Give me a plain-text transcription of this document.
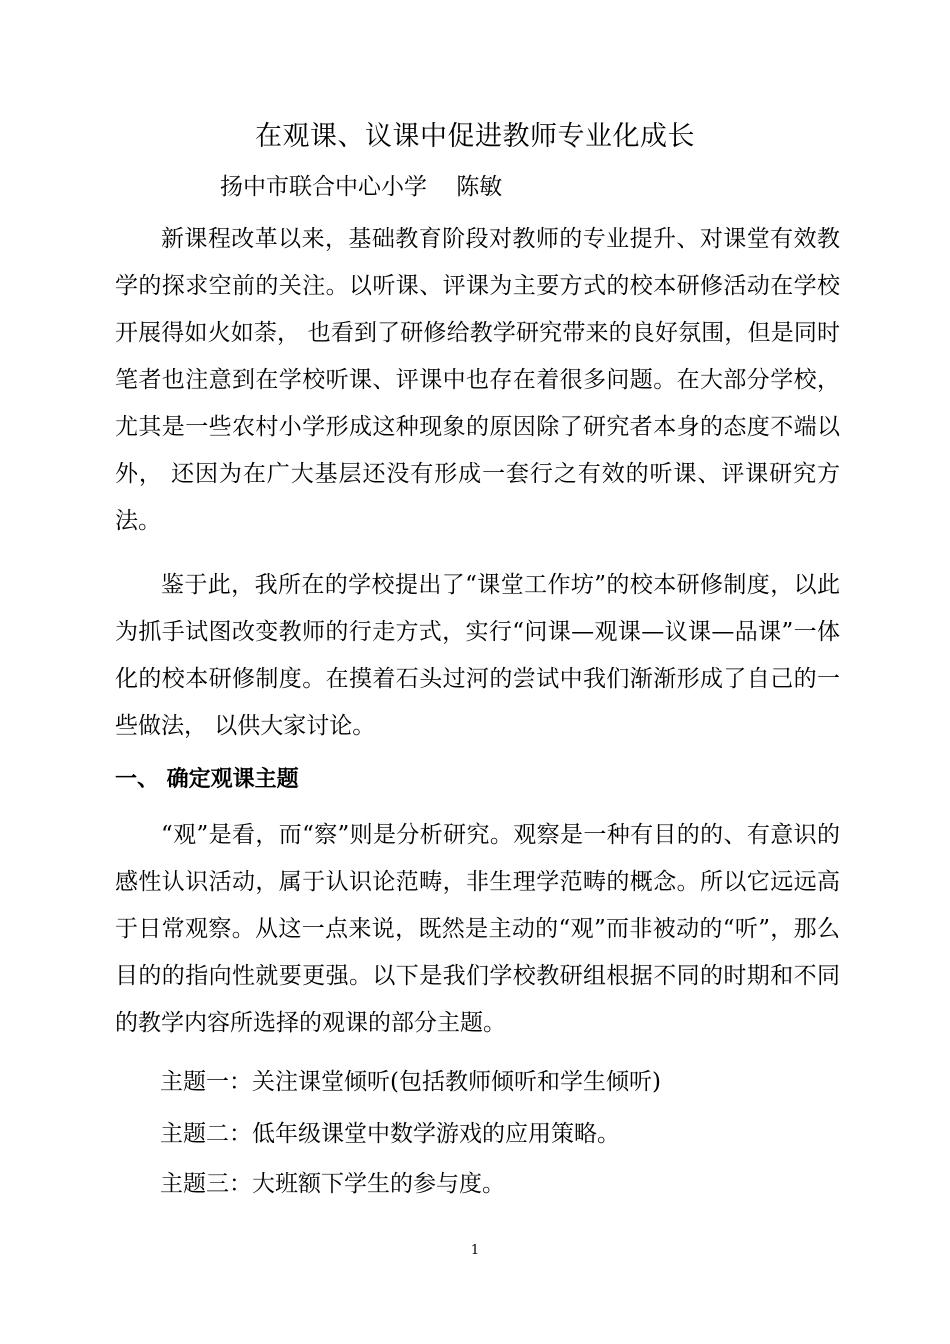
在观课、议课中促进教师专业化成长
扬中市联合中心小学    陈敏

新课程改革以来，基础教育阶段对教师的专业提升、对课堂有效教学的探求空前的关注。以听课、评课为主要方式的校本研修活动在学校开展得如火如荼， 也看到了研修给教学研究带来的良好氛围，但是同时笔者也注意到在学校听课、评课中也存在着很多问题。在大部分学校，尤其是一些农村小学形成这种现象的原因除了研究者本身的态度不端以外， 还因为在广大基层还没有形成一套行之有效的听课、评课研究方法。

鉴于此，我所在的学校提出了“课堂工作坊”的校本研修制度，以此为抓手试图改变教师的行走方式，实行“问课—观课—议课—品课”一体化的校本研修制度。在摸着石头过河的尝试中我们渐渐形成了自己的一些做法， 以供大家讨论。

一、 确定观课主题

“观”是看，而“察”则是分析研究。观察是一种有目的的、有意识的感性认识活动，属于认识论范畴，非生理学范畴的概念。所以它远远高于日常观察。从这一点来说，既然是主动的“观”而非被动的“听”，那么目的的指向性就要更强。以下是我们学校教研组根据不同的时期和不同的教学内容所选择的观课的部分主题。

主题一：关注课堂倾听(包括教师倾听和学生倾听)
主题二：低年级课堂中数学游戏的应用策略。
主题三：大班额下学生的参与度。
1
